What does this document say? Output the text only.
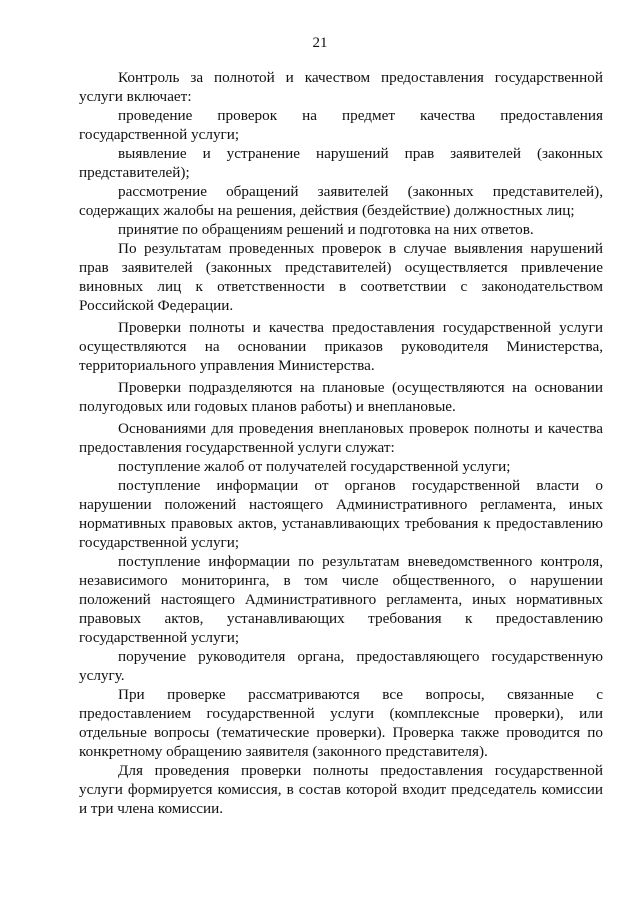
21

Контроль за полнотой и качеством предоставления государственной услуги включает:

проведение проверок на предмет качества предоставления государственной услуги;

выявление и устранение нарушений прав заявителей (законных представителей);

рассмотрение обращений заявителей (законных представителей), содержащих жалобы на решения, действия (бездействие) должностных лиц;

принятие по обращениям решений и подготовка на них ответов.

По результатам проведенных проверок в случае выявления нарушений прав заявителей (законных представителей) осуществляется привлечение виновных лиц к ответственности в соответствии с законодательством Российской Федерации.

Проверки полноты и качества предоставления государственной услуги осуществляются на основании приказов руководителя Министерства, территориального управления Министерства.

Проверки подразделяются на плановые (осуществляются на основании полугодовых или годовых планов работы) и внеплановые.

Основаниями для проведения внеплановых проверок полноты и качества предоставления государственной услуги служат:

поступление жалоб от получателей государственной услуги;

поступление информации от органов государственной власти о нарушении положений настоящего Административного регламента, иных нормативных правовых актов, устанавливающих требования к предоставлению государственной услуги;

поступление информации по результатам вневедомственного контроля, независимого мониторинга, в том числе общественного, о нарушении положений настоящего Административного регламента, иных нормативных правовых актов, устанавливающих требования к предоставлению государственной услуги;

поручение руководителя органа, предоставляющего государственную услугу.

При проверке рассматриваются все вопросы, связанные с предоставлением государственной услуги (комплексные проверки), или отдельные вопросы (тематические проверки). Проверка также проводится по конкретному обращению заявителя (законного представителя).

Для проведения проверки полноты предоставления государственной услуги формируется комиссия, в состав которой входит председатель комиссии и три члена комиссии.
